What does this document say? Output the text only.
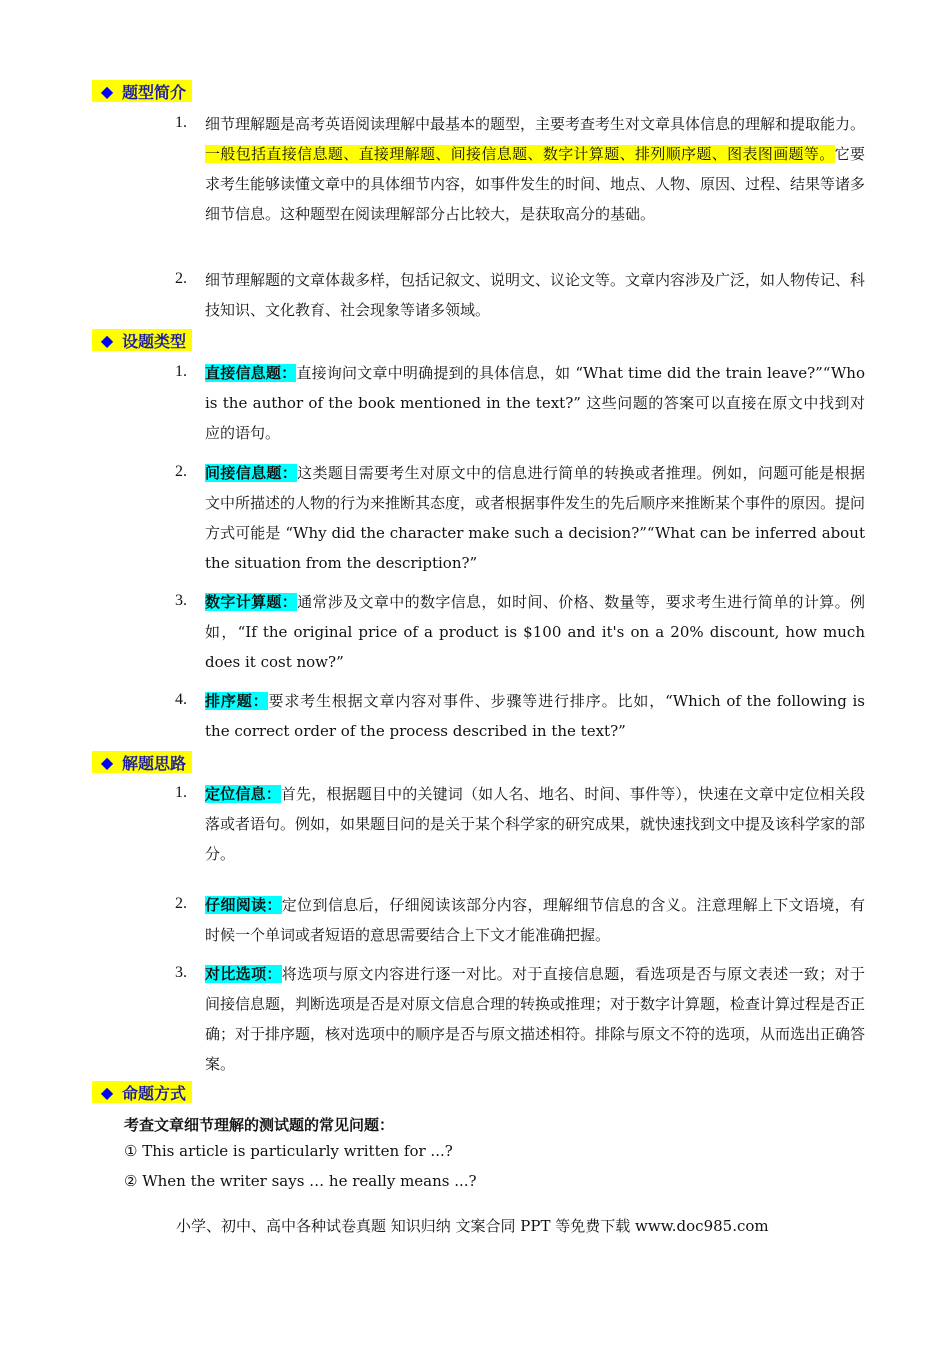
◆ 题型简介
1. 细节理解题是高考英语阅读理解中最基本的题型，主要考查考生对文章具体信息的理解和提取能力。一般包括直接信息题、直接理解题、间接信息题、数字计算题、排列顺序题、图表图画题等。它要求考生能够读懂文章中的具体细节内容，如事件发生的时间、地点、人物、原因、过程、结果等诸多细节信息。这种题型在阅读理解部分占比较大，是获取高分的基础。
2. 细节理解题的文章体裁多样，包括记叙文、说明文、议论文等。文章内容涉及广泛，如人物传记、科技知识、文化教育、社会现象等诸多领域。
◆ 设题类型
1. 直接信息题：直接询问文章中明确提到的具体信息，如 “What time did the train leave?”“Who is the author of the book mentioned in the text?” 这些问题的答案可以直接在原文中找到对应的语句。
2. 间接信息题：这类题目需要考生对原文中的信息进行简单的转换或者推理。例如，问题可能是根据文中所描述的人物的行为来推断其态度，或者根据事件发生的先后顺序来推断某个事件的原因。提问方式可能是 “Why did the character make such a decision?”“What can be inferred about the situation from the description?”
3. 数字计算题：通常涉及文章中的数字信息，如时间、价格、数量等，要求考生进行简单的计算。例如，“If the original price of a product is $100 and it's on a 20% discount, how much does it cost now?”
4. 排序题：要求考生根据文章内容对事件、步骤等进行排序。比如，“Which of the following is the correct order of the process described in the text?”
◆ 解题思路
1. 定位信息：首先，根据题目中的关键词（如人名、地名、时间、事件等），快速在文章中定位相关段落或者语句。例如，如果题目问的是关于某个科学家的研究成果，就快速找到文中提及该科学家的部分。
2. 仔细阅读：定位到信息后，仔细阅读该部分内容，理解细节信息的含义。注意理解上下文语境，有时候一个单词或者短语的意思需要结合上下文才能准确把握。
3. 对比选项：将选项与原文内容进行逐一对比。对于直接信息题，看选项是否与原文表述一致；对于间接信息题，判断选项是否是对原文信息合理的转换或推理；对于数字计算题，检查计算过程是否正确；对于排序题，核对选项中的顺序是否与原文描述相符。排除与原文不符的选项，从而选出正确答案。
◆ 命题方式
考查文章细节理解的测试题的常见问题：
① This article is particularly written for ...?
② When the writer says … he really means ...?
小学、初中、高中各种试卷真题 知识归纳 文案合同 PPT 等免费下载 www.doc985.com
